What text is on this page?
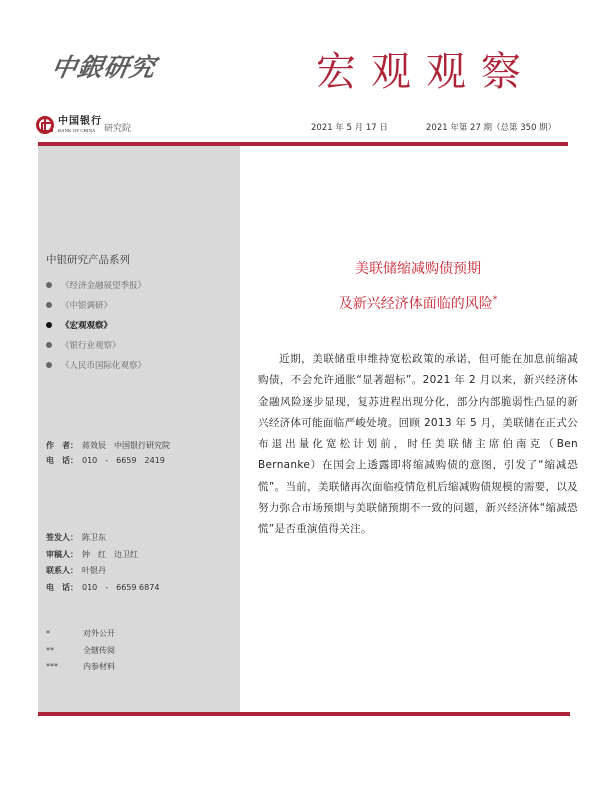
中銀研究	宏观观察
中国银行
BANK OF CHINA 研究院	2021 年 5 月 17 日	2021 年第 27 期（总第 350 期）
中银研究产品系列
《经济金融展望季报》
《中银调研》
《宏观观察》
《银行业观察》
《人民币国际化观察》
作　者： 蒋效辰　中国银行研究院
电　话： 010　-　6659　2419
签发人： 陈卫东
审稿人： 钟　红　边卫红
联系人： 叶银丹
电　话： 010　-　6659 6874
*	对外公开
**	全辖传阅
***	内参材料
美联储缩减购债预期
及新兴经济体面临的风险*

近期，美联储重申维持宽松政策的承诺，但可能在加息前缩减购债，不会允许通胀“显著超标”。2021 年 2 月以来，新兴经济体金融风险逐步显现，复苏进程出现分化，部分内部脆弱性凸显的新兴经济体可能面临严峻处境。回顾 2013 年 5 月，美联储在正式公布退出量化宽松计划前，时任美联储主席伯南克（Ben Bernanke）在国会上透露即将缩减购债的意图，引发了“缩减恐慌”。当前，美联储再次面临疫情危机后缩减购债规模的需要，以及努力弥合市场预期与美联储预期不一致的问题，新兴经济体“缩减恐慌”是否重演值得关注。
